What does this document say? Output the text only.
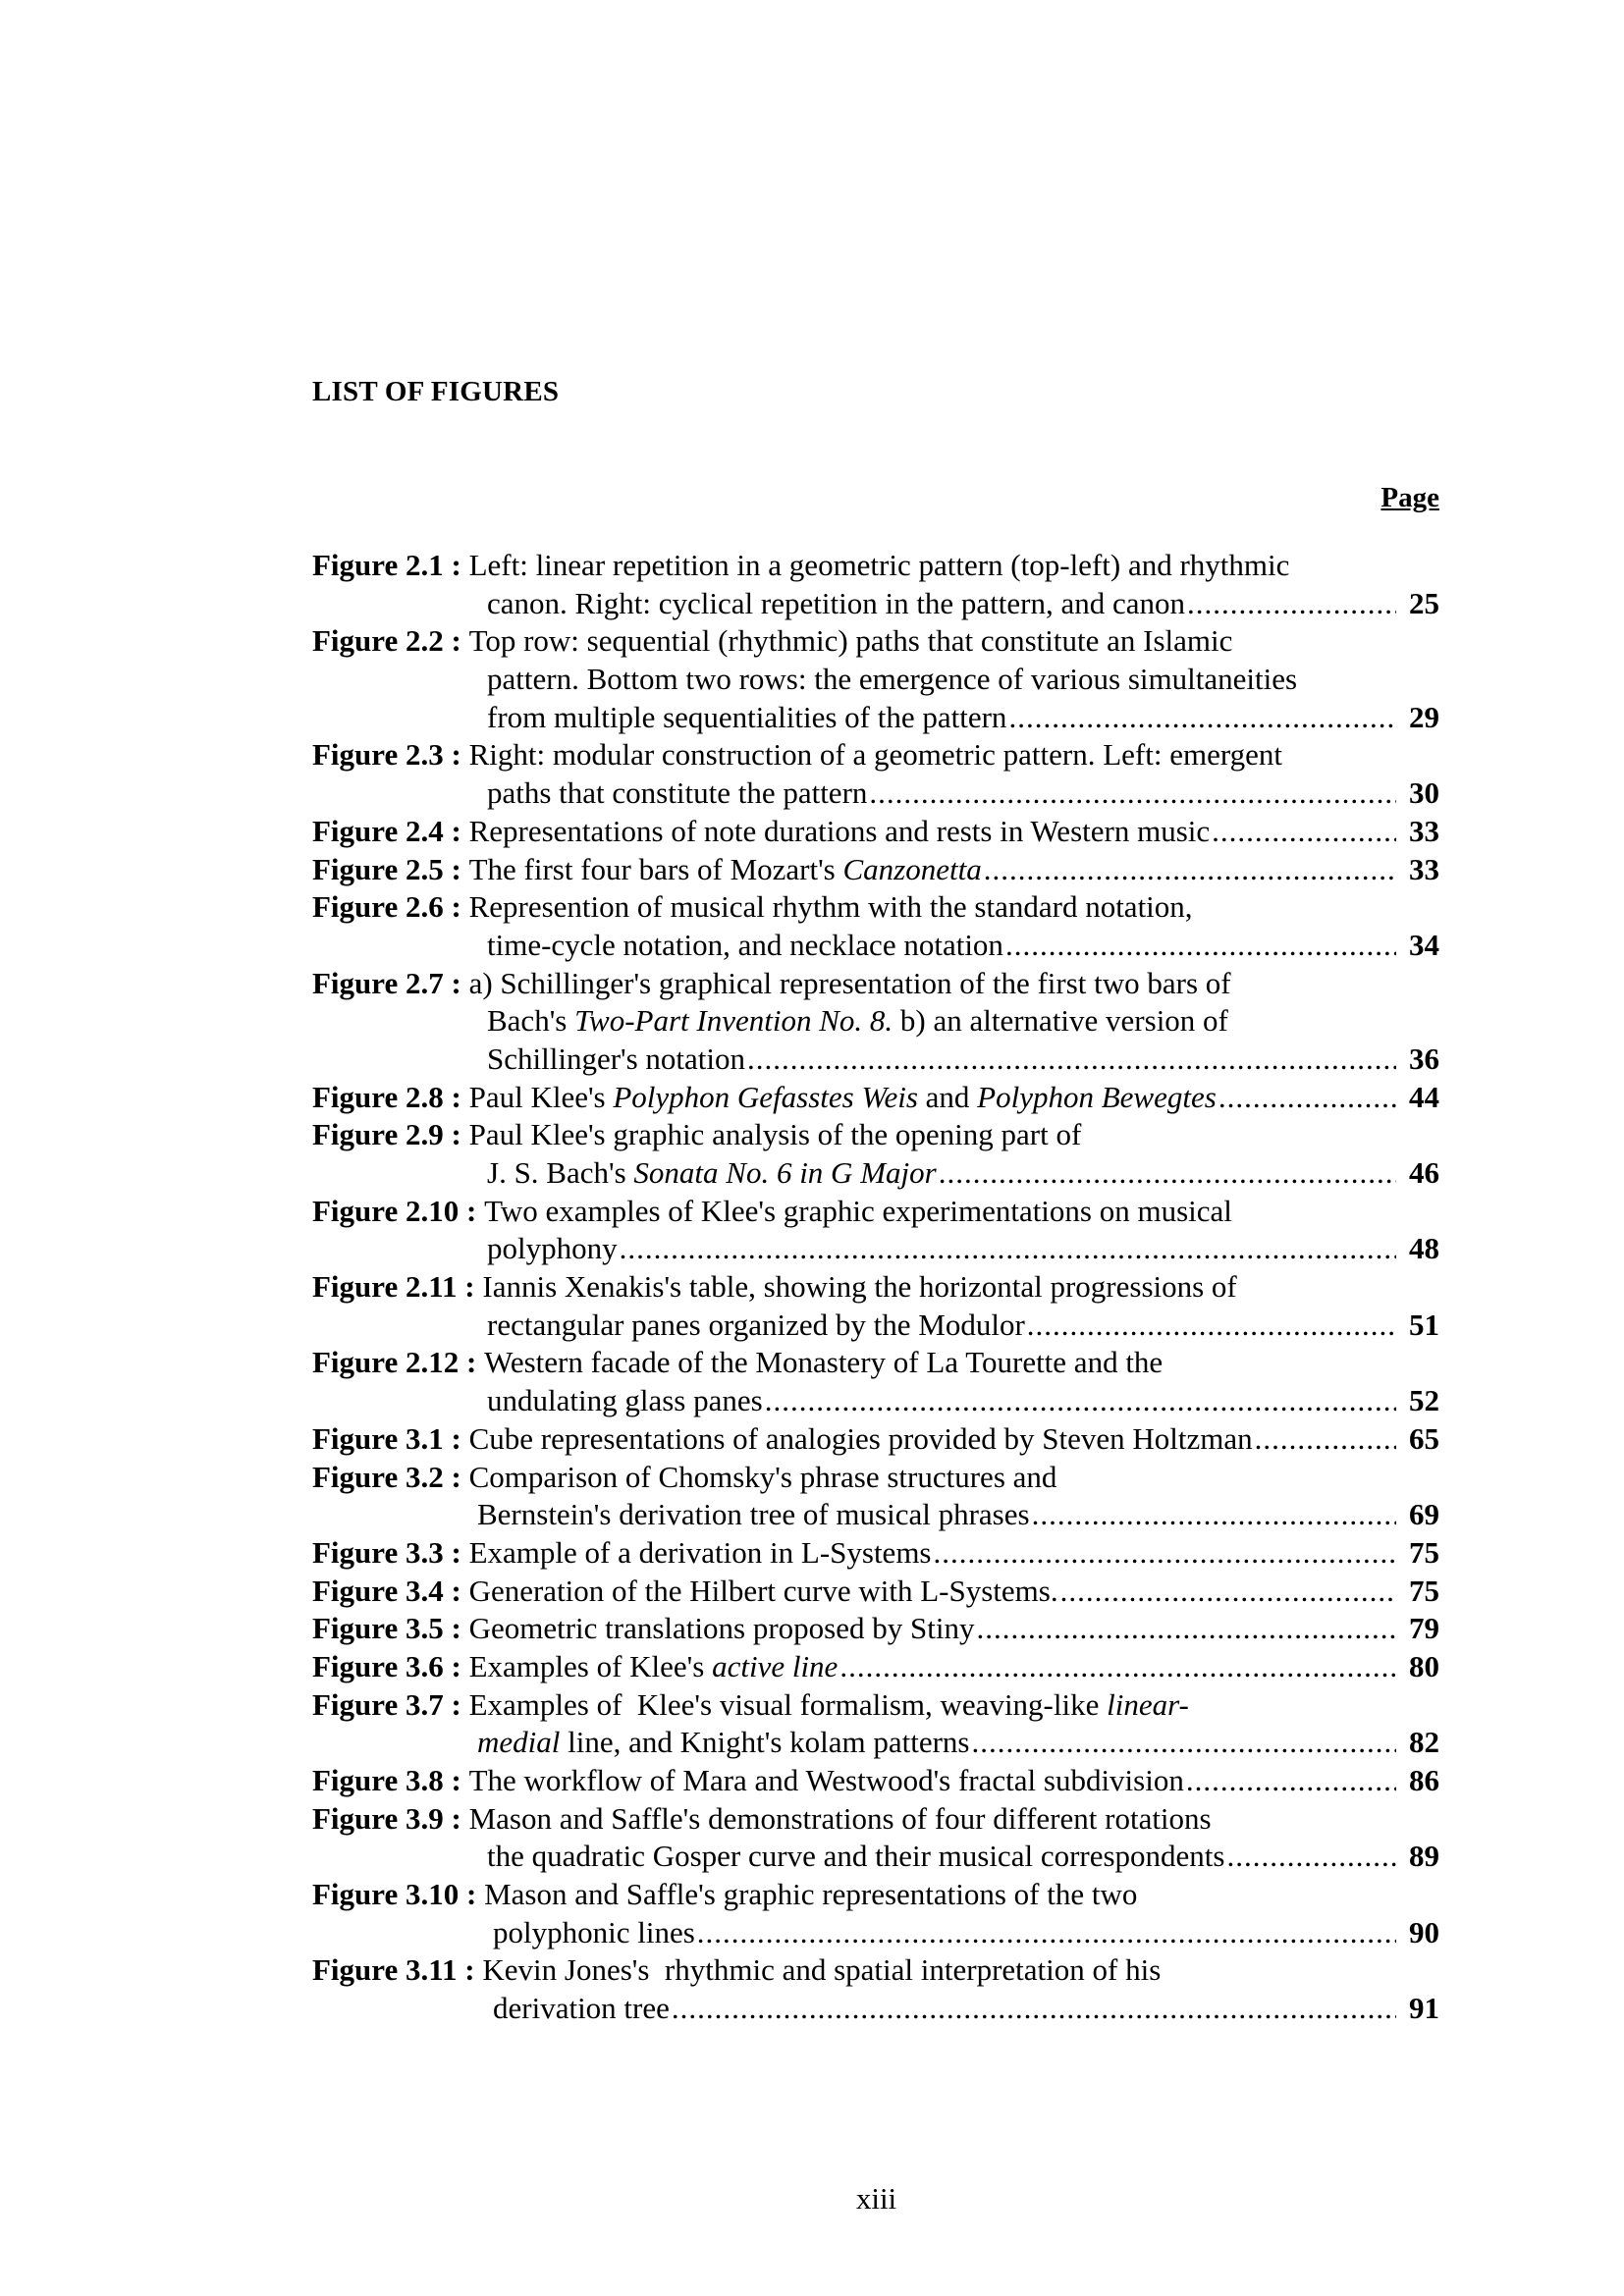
LIST OF FIGURES
Page
Figure 2.1 :
Left: linear repetition in a geometric pattern (top-left) and rhythmic
canon. Right: cyclical repetition in the pattern, and canon .....	25
Figure 2.2 :
Top row: sequential (rhythmic) paths that constitute an Islamic
pattern. Bottom two rows: the emergence of various simultaneities
from multiple sequentialities of the pattern .....	29
Figure 2.3 :
Right: modular construction of a geometric pattern. Left: emergent
paths that constitute the pattern .....	30
Figure 2.4 :
Representations of note durations and rests in Western music .....	33
Figure 2.5 :
The first four bars of Mozart's
Canzonetta .....	33
Figure 2.6 :
Represention of musical rhythm with the standard notation,
time-cycle notation, and necklace notation .....	34
Figure 2.7 :
a) Schillinger's graphical representation of the first two bars of
Bach's
Two-Part Invention No. 8.
b) an alternative version of
Schillinger's notation .....	36
Figure 2.8 :
Paul Klee's
Polyphon Gefasstes Weis
and
Polyphon Bewegtes .....	44
Figure 2.9 :
Paul Klee's graphic analysis of the opening part of
J. S. Bach's
Sonata No. 6 in G Major .....	46
Figure 2.10 :
Two examples of Klee's graphic experimentations on musical
polyphony .....	48
Figure 2.11 :
Iannis Xenakis's table, showing the horizontal progressions of
rectangular panes organized by the Modulor .....	51
Figure 2.12 :
Western facade of the Monastery of La Tourette and the
undulating glass panes .....	52
Figure 3.1 :
Cube representations of analogies provided by Steven Holtzman .....	65
Figure 3.2 :
Comparison of Chomsky's phrase structures and
Bernstein's derivation tree of musical phrases .....	69
Figure 3.3 :
Example of a derivation in L-Systems .....	75
Figure 3.4 :
Generation of the Hilbert curve with L-Systems. .....	75
Figure 3.5 :
Geometric translations proposed by Stiny .....	79
Figure 3.6 :
Examples of Klee's
active line .....	80
Figure 3.7 :
Examples of  Klee's visual formalism, weaving-like
linear-
medial
line, and Knight's kolam patterns .....	82
Figure 3.8 :
The workflow of Mara and Westwood's fractal subdivision .....	86
Figure 3.9 :
Mason and Saffle's demonstrations of four different rotations
the quadratic Gosper curve and their musical correspondents .....	89
Figure 3.10 :
Mason and Saffle's graphic representations of the two
polyphonic lines .....	90
Figure 3.11 :
Kevin Jones's  rhythmic and spatial interpretation of his
derivation tree .....	91
xiii
